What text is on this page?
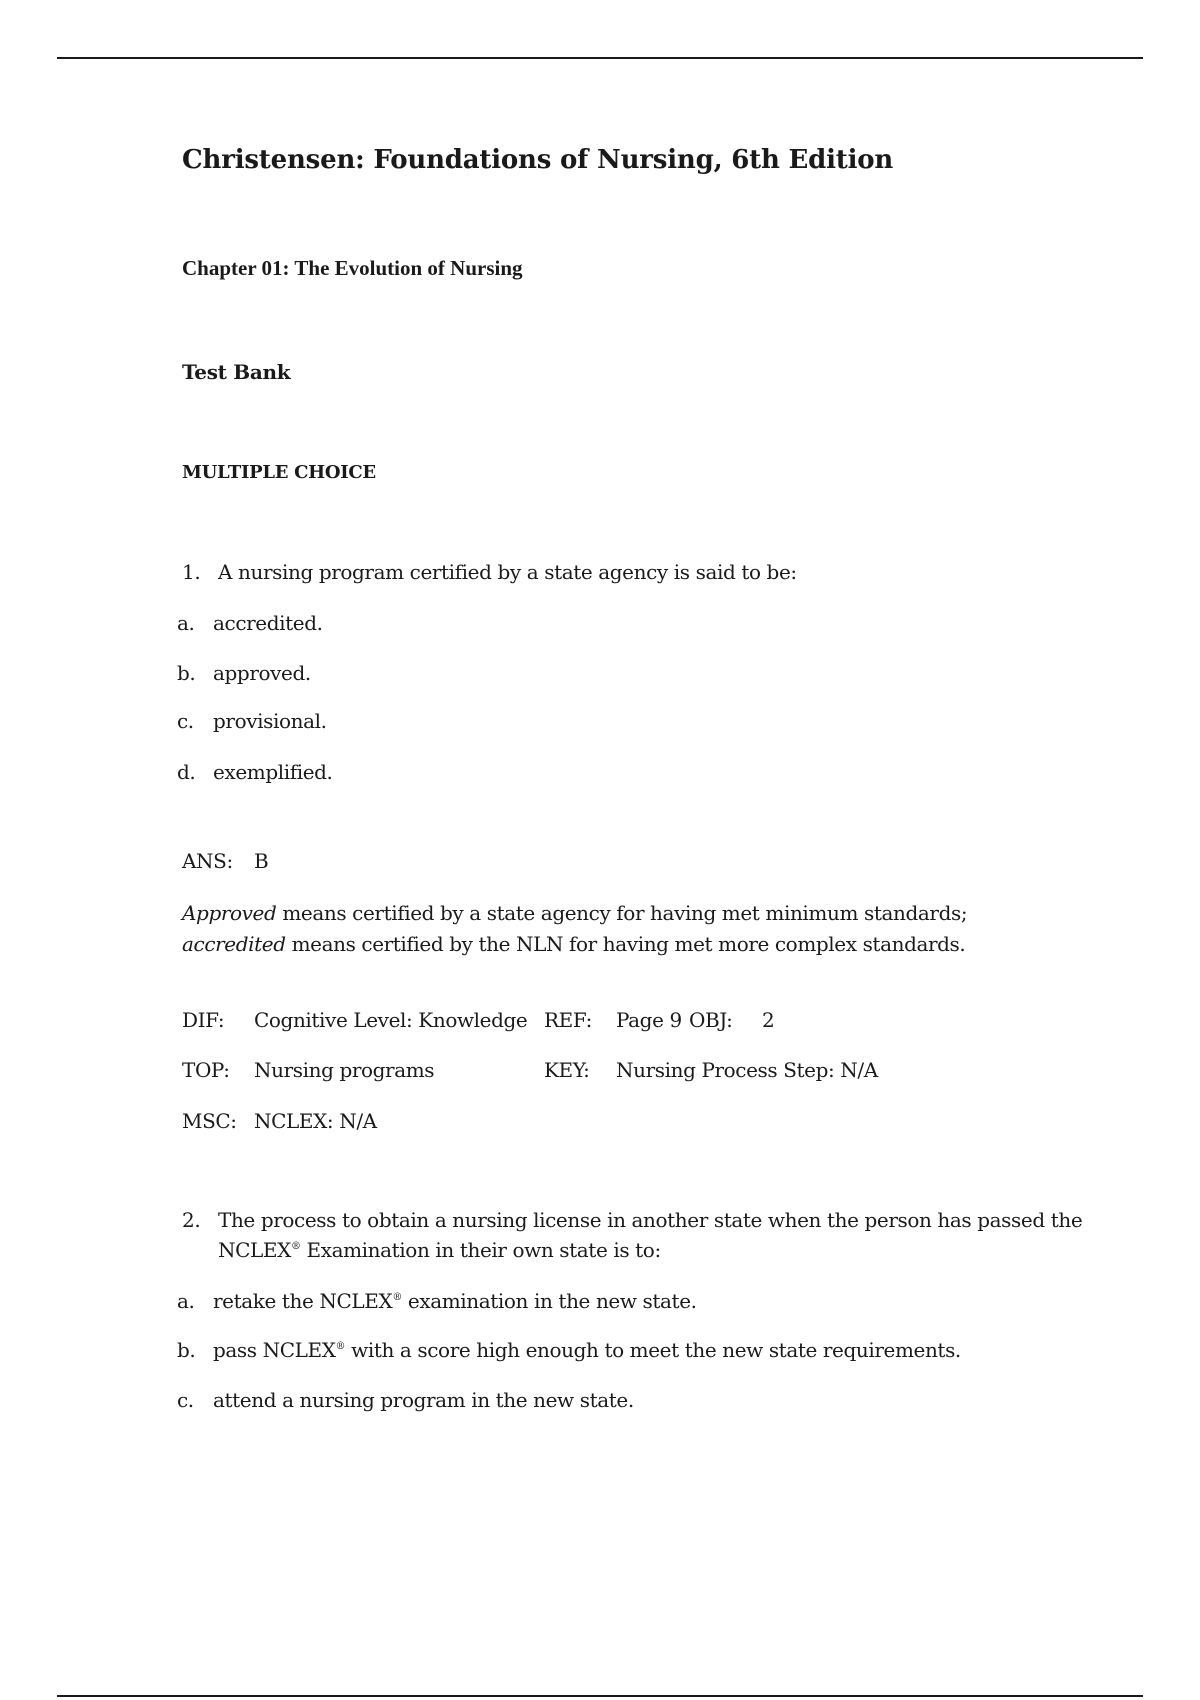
Christensen: Foundations of Nursing, 6th Edition
Chapter 01: The Evolution of Nursing
Test Bank
MULTIPLE CHOICE
1. A nursing program certified by a state agency is said to be:
a. accredited.
b. approved.
c. provisional.
d. exemplified.
ANS: B
Approved means certified by a state agency for having met minimum standards; accredited means certified by the NLN for having met more complex standards.
DIF: Cognitive Level: Knowledge REF: Page 9 OBJ: 2
TOP: Nursing programs	KEY: Nursing Process Step: N/A
MSC: NCLEX: N/A
2. The process to obtain a nursing license in another state when the person has passed the
NCLEX® Examination in their own state is to:
a. retake the NCLEX® examination in the new state.
b. pass NCLEX® with a score high enough to meet the new state requirements.
c. attend a nursing program in the new state.
